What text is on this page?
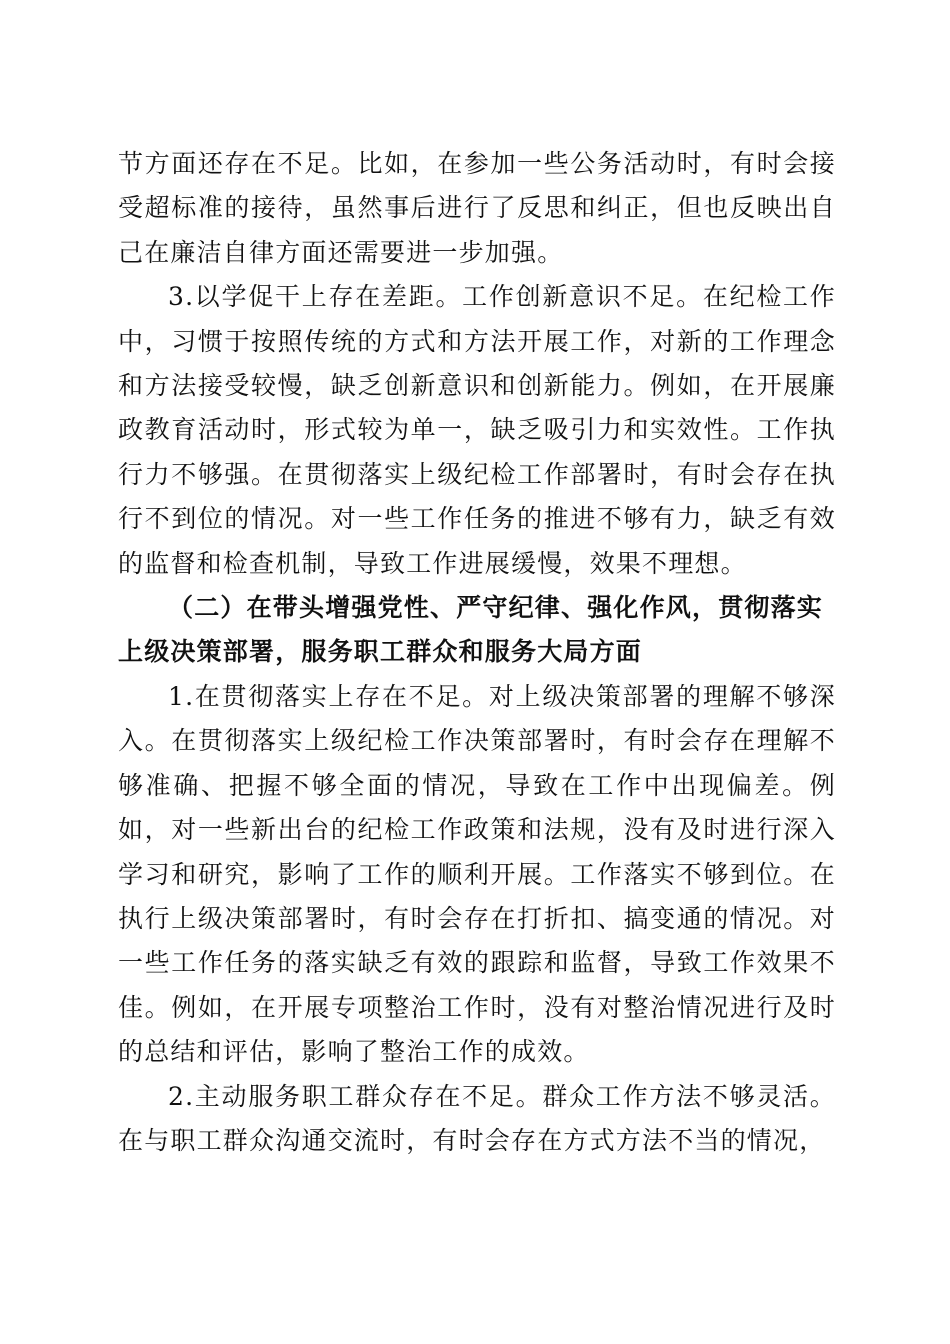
节方面还存在不足。比如，在参加一些公务活动时，有时会接受超标准的接待，虽然事后进行了反思和纠正，但也反映出自己在廉洁自律方面还需要进一步加强。

3.以学促干上存在差距。工作创新意识不足。在纪检工作中，习惯于按照传统的方式和方法开展工作，对新的工作理念和方法接受较慢，缺乏创新意识和创新能力。例如，在开展廉政教育活动时，形式较为单一，缺乏吸引力和实效性。工作执行力不够强。在贯彻落实上级纪检工作部署时，有时会存在执行不到位的情况。对一些工作任务的推进不够有力，缺乏有效的监督和检查机制，导致工作进展缓慢，效果不理想。

（二）在带头增强党性、严守纪律、强化作风，贯彻落实上级决策部署，服务职工群众和服务大局方面

1.在贯彻落实上存在不足。对上级决策部署的理解不够深入。在贯彻落实上级纪检工作决策部署时，有时会存在理解不够准确、把握不够全面的情况，导致在工作中出现偏差。例如，对一些新出台的纪检工作政策和法规，没有及时进行深入学习和研究，影响了工作的顺利开展。工作落实不够到位。在执行上级决策部署时，有时会存在打折扣、搞变通的情况。对一些工作任务的落实缺乏有效的跟踪和监督，导致工作效果不佳。例如，在开展专项整治工作时，没有对整治情况进行及时的总结和评估，影响了整治工作的成效。

2.主动服务职工群众存在不足。群众工作方法不够灵活。在与职工群众沟通交流时，有时会存在方式方法不当的情况，
